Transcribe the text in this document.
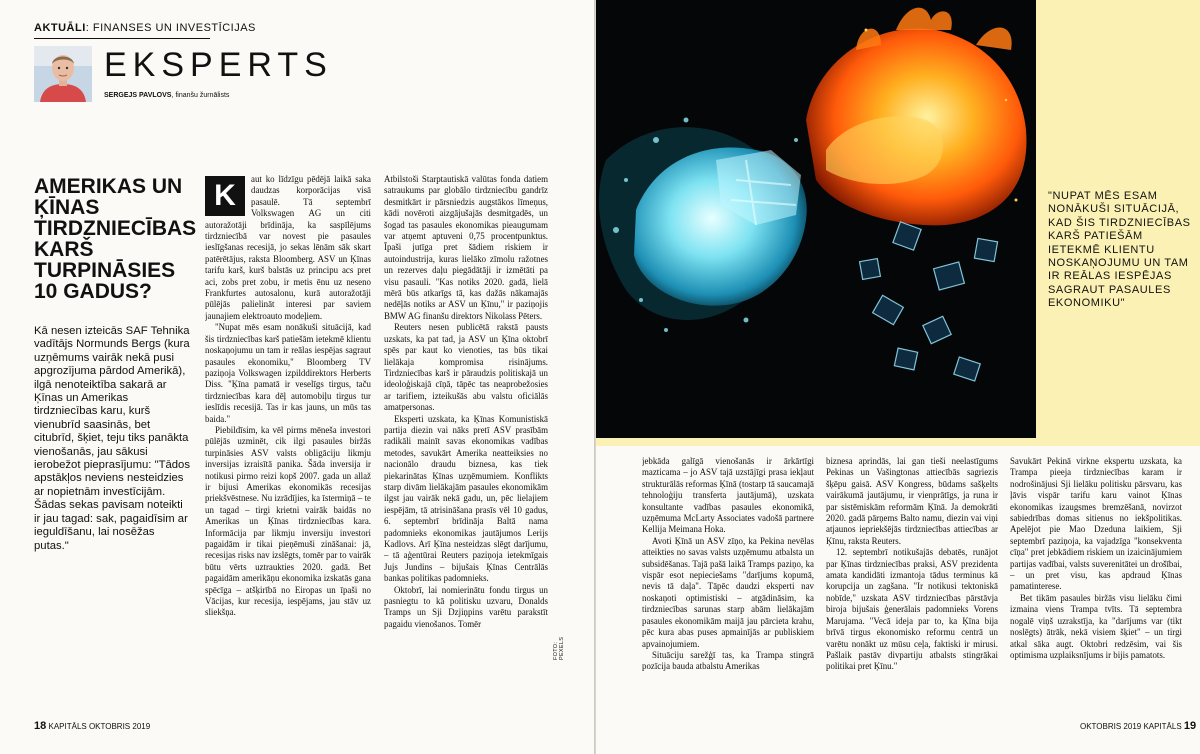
AKTUĀLI: FINANSES UN INVESTĪCIJAS
EKSPERTS
SERGEJS PAVLOVS, finanšu žurnālists
AMERIKAS UN ĶĪNAS TIRDZNIECĪBAS KARŠ TURPINĀSIES 10 GADUS?
Kā nesen izteicās SAF Tehnika vadītājs Normunds Bergs (kura uzņēmums vairāk nekā pusi apgrozījuma pārdod Amerikā), ilgā nenoteiktība sakarā ar Ķīnas un Amerikas tirdzniecības karu, kurš vienubrīd saasinās, bet citubrīd, šķiet, teju tiks panākta vienošanās, jau sākusi ierobežot pieprasījumu: "Tādos apstākļos neviens nesteidzies ar nopietnām investīcijām. Šādas sekas pavisam noteikti ir jau tagad: sak, pagaidīsim ar ieguldīšanu, lai nosēžas putas."
K	aut ko līdzīgu pēdējā laikā saka daudzas korporācijas visā pasaulē. Tā septembrī Volkswagen AG un citi autoražotāji brīdināja, ka saspīlējums tirdzniecībā var novest pie pasaules ieslīgšanas recesijā, jo sekas lēnām sāk skart patērētājus, raksta Bloomberg. ASV un Ķīnas tarifu karš, kurš balstās uz principu acs pret aci, zobs pret zobu, ir metis ēnu uz neseno Frankfurtes autosalonu, kurā autoražotāji pūlējās palielināt interesi par saviem jaunajiem elektroauto modeļiem.

"Nupat mēs esam nonākuši situācijā, kad šis tirdzniecības karš patiešām ietekmē klientu noskaņojumu un tam ir reālas iespējas sagraut pasaules ekonomiku," Bloomberg TV paziņoja Volkswagen izpilddirektors Herberts Diss. "Ķīna pamatā ir veselīgs tirgus, taču tirdzniecības kara dēļ automobiļu tirgus tur ieslīdis recesijā. Tas ir kas jauns, un mūs tas baida."

Piebildīsim, ka vēl pirms mēneša investori pūlējās uzminēt, cik ilgi pasaules biržās turpināsies ASV valsts obligāciju likmju inversijas izraisītā panika. Šāda inversija ir notikusi pirmo reizi kopš 2007. gada un allaž ir bijusi Amerikas ekonomikās recesijas priekšvēstnese. Nu izrādījies, ka īstermiņā – te un tagad – tirgi krietni vairāk baidās no Amerikas un Ķīnas tirdzniecības kara. Informācija par likmju inversiju investori pagaidām ir tikai pieņēmuši zināšanai: jā, recesijas risks nav izslēgts, tomēr par to vairāk būtu vērts uztraukties 2020. gadā. Bet pagaidām amerikāņu ekonomika izskatās gana spēcīga – atšķirībā no Eiropas un īpaši no Vācijas, kur recesija, iespējams, jau stāv uz sliekšņa.

Atbilstoši Starptautiskā valūtas fonda datiem satraukums par globālo tirdzniecību gandrīz desmitkārt ir pārsniedzis augstākos līmeņus, kādi novēroti aizgājušajās desmitgadēs, un šogad tas pasaules ekonomikas pieaugumam var atņemt aptuveni 0,75 procentpunktus. Īpaši jutīga pret šādiem riskiem ir autoindustrija, kuras lielāko zīmolu ražotnes un rezerves daļu piegādātāji ir izmētāti pa visu pasauli. "Kas notiks 2020. gadā, lielā mērā būs atkarīgs tā, kas dažās nākamajās nedēļās notiks ar ASV un Ķīnu," ir paziņojis BMW AG finanšu direktors Nikolass Pēters.

Reuters nesen publicētā rakstā pausts uzskats, ka pat tad, ja ASV un Ķīna oktobrī spēs par kaut ko vienoties, tas būs tikai lielākaja kompromisa risinājums. Tirdzniecības karš ir pāraudzis politiskajā un ideoloģiskajā cīņā, tāpēc tas neaprobežosies ar tarifiem, izteikušās abu valstu oficiālās amatpersonas.

Eksperti uzskata, ka Ķīnas Komunistiskā partija diezin vai nāks pretī ASV prasībām radikāli mainīt savas ekonomikas vadības metodes, savukārt Amerika neatteiksies no nacionālo draudu biznesa, kas tiek piekarinātas Ķīnas uzņēmumiem. Konflikts starp divām lielākajām pasaules ekonomikām ilgst jau vairāk nekā gadu, un, pēc lielajiem iespējām, tā atrisināšana prasīs vēl 10 gadus, 6. septembrī brīdināja Baltā nama padomnieks ekonomikas jautājumos Lerijs Kadlovs. Arī Ķīna nesteidzas slēgt darījumu, – tā aģentūrai Reuters paziņoja ietekmīgais Jujs Jundins – bijušais Ķīnas Centrālās bankas politikas padomnieks.

Oktobrī, lai nomierinātu fondu tirgus un pasniegtu to kā politisku uzvaru, Donalds Tramps un Sji Dzjiņpins varētu parakstīt pagaidu vienošanos. Tomēr

FOTO: PEXELS
18 KAPITĀLS OKTOBRIS 2019
"NUPAT MĒS ESAM NONĀKUŠI SITUĀCIJĀ, KAD ŠIS TIRDZNIECĪBAS KARŠ PATIEŠĀM IETEKMĒ KLIENTU NOSKAŅOJUMU UN TAM IR REĀLAS IESPĒJAS SAGRAUT PASAULES EKONOMIKU"

jebkāda galīgā vienošanās ir ārkārtīgi mazticama – jo ASV tajā uzstājīgi prasa iekļaut strukturālās reformas Ķīnā (tostarp tā saucamajā tehnoloģiju transferta jautājumā), uzskata konsultante vadības pasaules ekonomikā, uzņēmuma McLarty Associates vadošā partnere Kellija Meimana Hoka.

Avoti Ķīnā un ASV zīņo, ka Pekina nevēlas atteikties no savas valsts uzņēmumu atbalsta un subsidēšanas. Tajā pašā laikā Tramps paziņo, ka vispār esot nepieciešams "darījums kopumā, nevis tā daļa". Tāpēc daudzi eksperti nav noskaņoti optimistiski – atgādināsim, ka tirdzniecības sarunas starp abām lielākajām pasaules ekonomikām maijā jau pārcieta krahu, pēc kura abas puses apmainījās ar publiskiem apvainojumiem.

Situāciju sarežģī tas, ka Trampa stingrā pozīcija bauda atbalstu Amerikas

biznesa aprindās, lai gan tieši neelastīgums Pekinas un Vašingtonas attiecībās sagriezis šķēpu gaisā. ASV Kongress, būdams sašķelts vairākumā jautājumu, ir vienprātīgs, ja runa ir par sistēmiskām reformām Ķīnā. Ja demokrāti 2020. gadā pārņems Balto namu, diezin vai viņi atjaunos iepriekšējās tirdzniecības attiecības ar Ķīnu, raksta Reuters.

12. septembrī notikušajās debatēs, runājot par Ķīnas tirdzniecības praksi, ASV prezidenta amata kandidāti izmantoja tādus terminus kā korupcija un zagšana. "Ir notikusi tektoniskā nobīde," uzskata ASV tirdzniecības pārstāvja biroja bijušais ģenerālais padomnieks Vorens Marujama. "Vecā ideja par to, ka Ķīna bija brīvā tirgus ekonomisko reformu centrā un varētu nonākt uz mūsu ceļa, faktiski ir mirusi. Pašlaik pastāv divpartiju atbalsts stingrākai politikai pret Ķīnu."

Savukārt Pekinā virkne ekspertu uzskata, ka Trampa pieeja tirdzniecības karam ir nodrošinājusi Sji lielāku politisku pārsvaru, kas ļāvis vispār tarifu karu vainot Ķīnas ekonomikas izaugsmes bremzēšanā, novirzot sabiedrības domas sitienus no iekšpolitikas. Apelējot pie Mao Dzeduna laikiem, Sji septembrī paziņoja, ka vajadzīga "konsekventa cīņa" pret jebkādiem riskiem un izaicinājumiem partijas vadībai, valsts suverenitātei un drošībai, – un pret visu, kas apdraud Ķīnas pamatinterese.

Bet tikām pasaules biržās visu lielāku čimi izmaina viens Trampa tvīts. Tā septembra nogalē viņš uzrakstīja, ka "darījums var (tikt noslēgts) ātrāk, nekā visiem šķiet" – un tirgi atkal sāka augt. Oktobri redzēsim, vai šis optimisma uzplaiksnījums ir bijis pamatots.

OKTOBRIS 2019 KAPITĀLS 19
